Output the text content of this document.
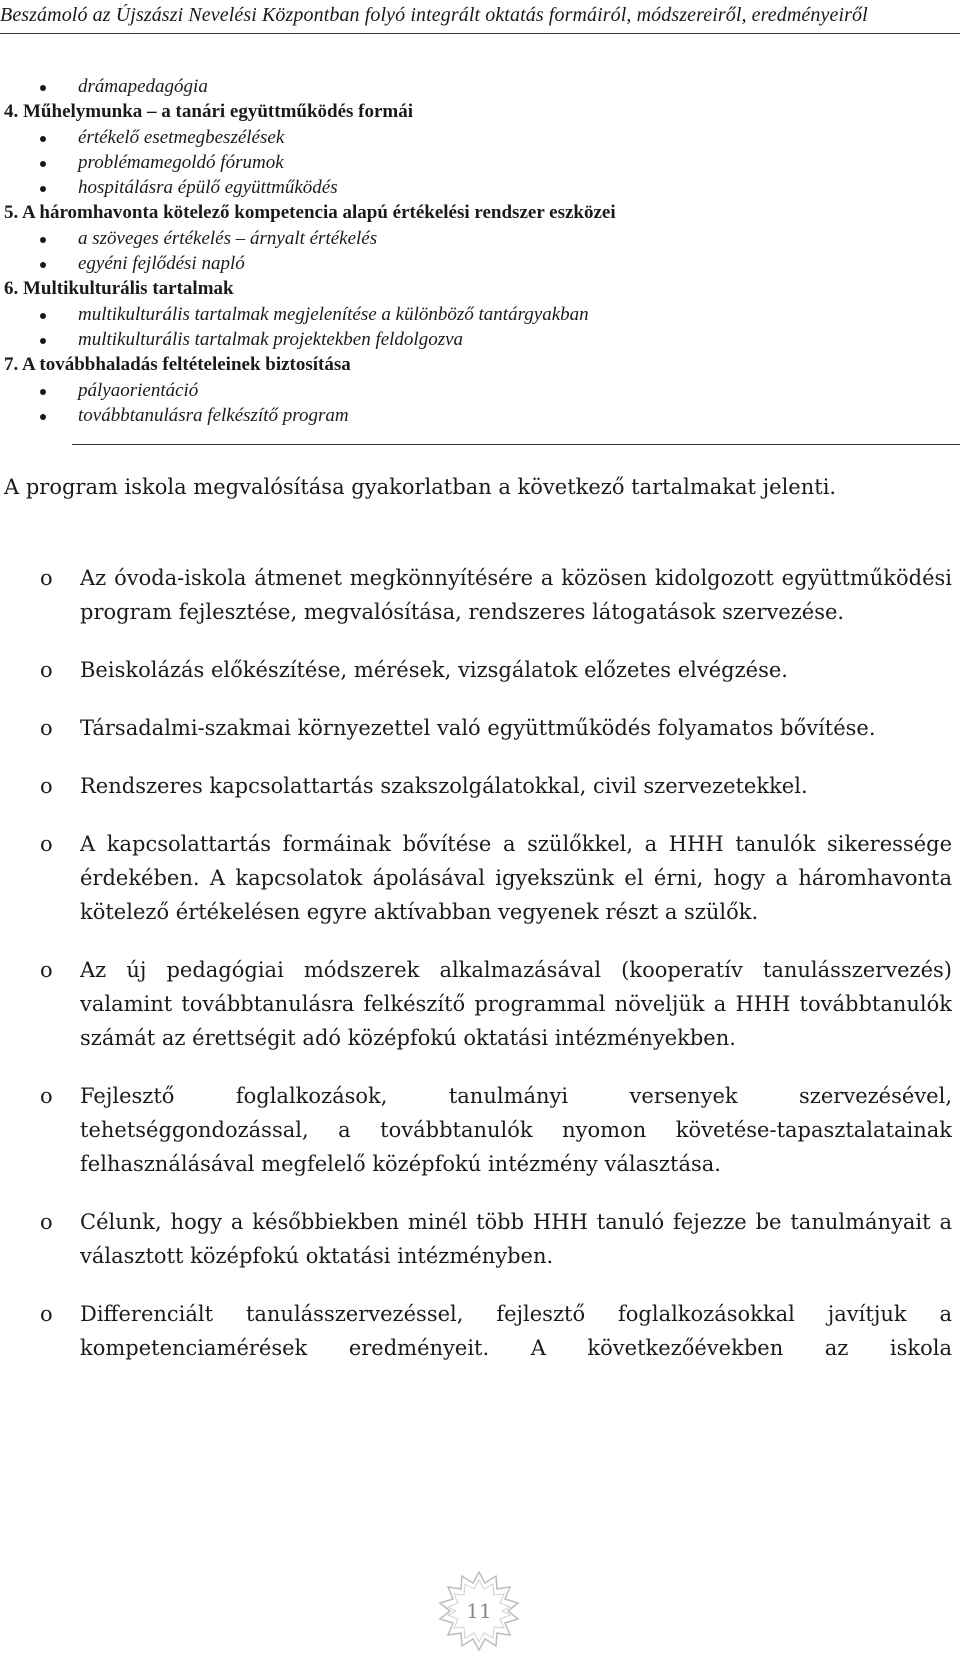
Beszámoló az Újszászi Nevelési Központban folyó integrált oktatás formáiról, módszereiről, eredményeiről
drámapedagógia
4. Műhelymunka – a tanári együttműködés formái
értékelő esetmegbeszélések
problémamegoldó fórumok
hospitálásra épülő együttműködés
5. A háromhavonta kötelező kompetencia alapú értékelési rendszer eszközei
a szöveges értékelés – árnyalt értékelés
egyéni fejlődési napló
6. Multikulturális tartalmak
multikulturális tartalmak megjelenítése a különböző tantárgyakban
multikulturális tartalmak projektekben feldolgozva
7. A továbbhaladás feltételeinek biztosítása
pályaorientáció
továbbtanulásra felkészítő program
A program iskola megvalósítása gyakorlatban a következő tartalmakat jelenti.
o Az óvoda-iskola átmenet megkönnyítésére a közösen kidolgozott együttműködési program fejlesztése, megvalósítása, rendszeres látogatások szervezése.
o Beiskolázás előkészítése, mérések, vizsgálatok előzetes elvégzése.
o Társadalmi-szakmai környezettel való együttműködés folyamatos bővítése.
o Rendszeres kapcsolattartás szakszolgálatokkal, civil szervezetekkel.
o A kapcsolattartás formáinak bővítése a szülőkkel, a HHH tanulók sikeressége érdekében. A kapcsolatok ápolásával igyekszünk el érni, hogy a háromhavonta kötelező értékelésen egyre aktívabban vegyenek részt a szülők.
o Az új pedagógiai módszerek alkalmazásával (kooperatív tanulásszervezés) valamint továbbtanulásra felkészítő programmal növeljük a HHH továbbtanulók számát az érettségit adó középfokú oktatási intézményekben.
o Fejlesztő foglalkozások, tanulmányi versenyek szervezésével, tehetséggondozással, a továbbtanulók nyomon követése-tapasztalatainak felhasználásával megfelelő középfokú intézmény választása.
o Célunk, hogy a későbbiekben minél több HHH tanuló fejezze be tanulmányait a választott középfokú oktatási intézményben.
o Differenciált tanulásszervezéssel, fejlesztő foglalkozásokkal javítjuk a kompetenciamérések eredményeit. A következőévekben az iskola
11
